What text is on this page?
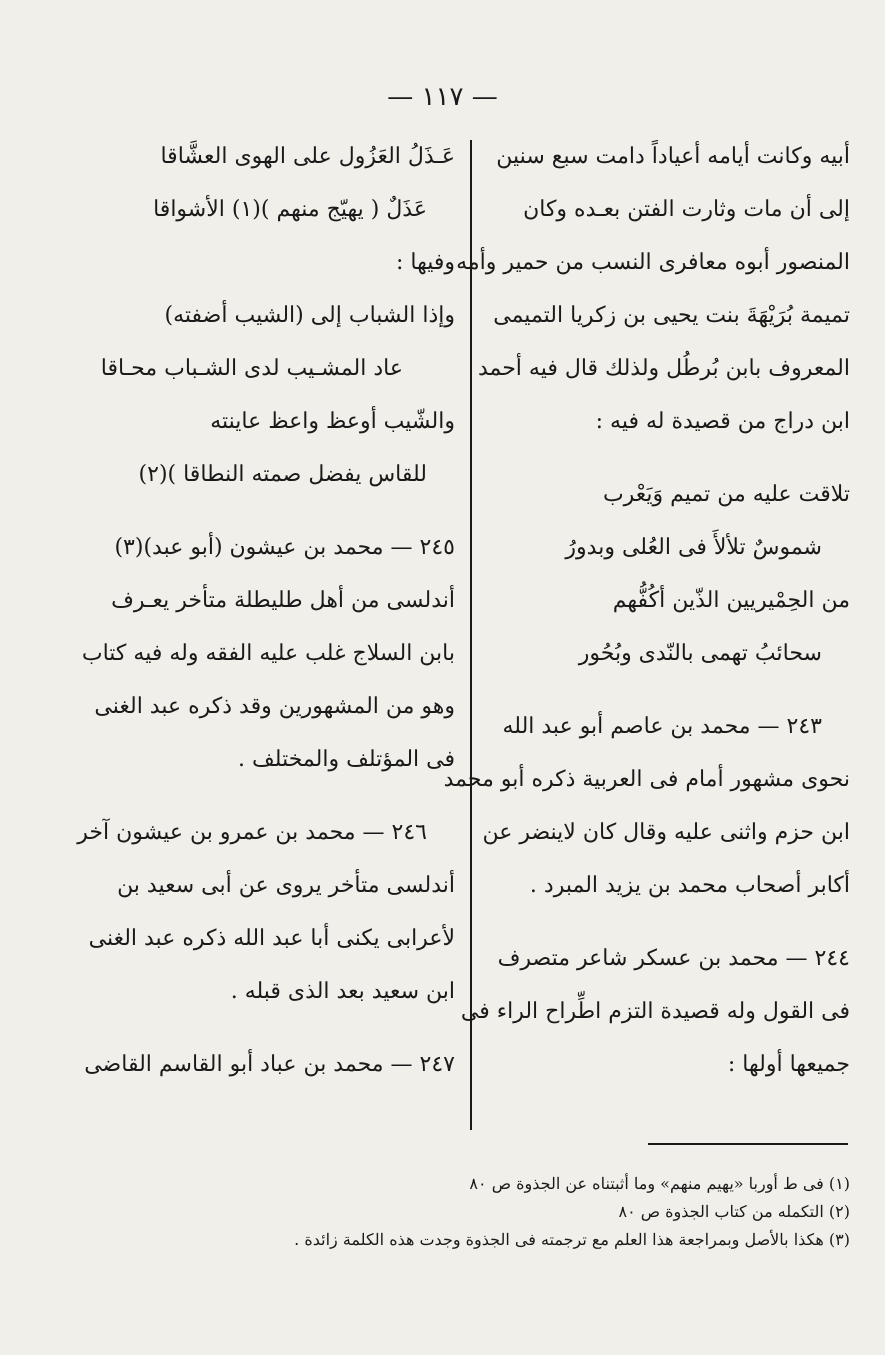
— ١١٧ —
أبيه وكانت أيامه أعياداً دامت سبع سنين
إلى أن مات وثارت الفتن بعـده وكان
المنصور أبوه معافرى النسب من حمير وأمه
تميمة بُرَيْهَةَ بنت يحيى بن زكريا التميمى
المعروف بابن بُرطُل ولذلك قال فيه أحمد
ابن دراج من قصيدة له فيه :
تلاقت عليه من تميم وَيَعْرب
شموسٌ تلألأَ فى العُلى وبدورُ
من الحِمْيريين الذّين أكُفُّهم
سحائبُ تهمى بالنّدى وبُحُور
٢٤٣ — محمد بن عاصم أبو عبد الله
نحوى مشهور أمام فى العربية ذكره أبو محمد
ابن حزم واثنى عليه وقال كان لاينضر عن
أكابر أصحاب محمد بن يزيد المبرد .
٢٤٤ — محمد بن عسكر شاعر متصرف
فى القول وله قصيدة التزم اطِّراح الراء فى
جميعها أولها :
عَـذَلُ العَزُول على الهوى العشَّاقا
عَذَلٌ ( يهيّج منهم )(١) الأشواقا
وفيها :
وإذا الشباب إلى (الشيب أضفته)
عاد المشـيب لدى الشـباب محـاقا
والشّيب أوعظ واعظ عاينته
للقاس يفضل صمته النطاقا )(٢)
٢٤٥ — محمد بن عيشون (أبو عبد)(٣)
أندلسى من أهل طليطلة متأخر يعـرف
بابن السلاج غلب عليه الفقه وله فيه كتاب
وهو من المشهورين وقد ذكره عبد الغنى
فى المؤتلف والمختلف .
٢٤٦ — محمد بن عمرو بن عيشون آخر
أندلسى متأخر يروى عن أبى سعيد بن
لأعرابى يكنى أبا عبد الله ذكره عبد الغنى
ابن سعيد بعد الذى قبله .
٢٤٧ — محمد بن عباد أبو القاسم القاضى
(١) فى ط أوربا «يهيم منهم» وما أثبتناه عن الجذوة ص ٨٠
(٢) التكمله من كتاب الجذوة ص ٨٠
(٣) هكذا بالأصل وبمراجعة هذا العلم مع ترجمته فى الجذوة وجدت هذه الكلمة زائدة .
